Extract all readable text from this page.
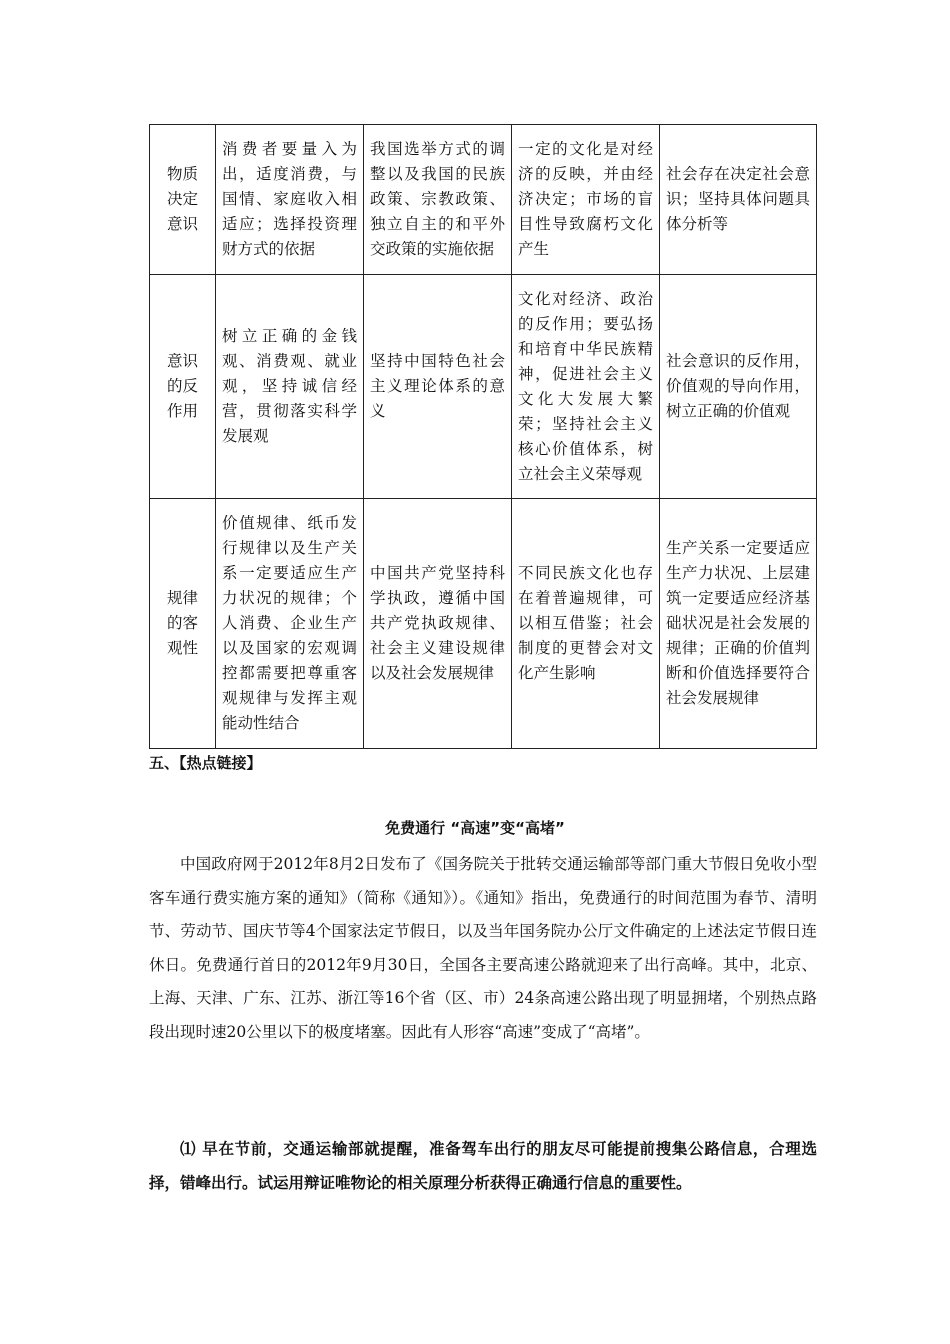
物质决定意识	消费者要量入为出，适度消费，与国情、家庭收入相适应；选择投资理财方式的依据	我国选举方式的调整以及我国的民族政策、宗教政策、独立自主的和平外交政策的实施依据	一定的文化是对经济的反映，并由经济决定；市场的盲目性导致腐朽文化产生	社会存在决定社会意识；坚持具体问题具体分析等

意识的反作用	树立正确的金钱观、消费观、就业观，坚持诚信经营，贯彻落实科学发展观	坚持中国特色社会主义理论体系的意义	文化对经济、政治的反作用；要弘扬和培育中华民族精神，促进社会主义文化大发展大繁荣；坚持社会主义核心价值体系，树立社会主义荣辱观	社会意识的反作用，价值观的导向作用，树立正确的价值观

规律的客观性	价值规律、纸币发行规律以及生产关系一定要适应生产力状况的规律；个人消费、企业生产以及国家的宏观调控都需要把尊重客观规律与发挥主观能动性结合	中国共产党坚持科学执政，遵循中国共产党执政规律、社会主义建设规律以及社会发展规律	不同民族文化也存在着普遍规律，可以相互借鉴；社会制度的更替会对文化产生影响	生产关系一定要适应生产力状况、上层建筑一定要适应经济基础状况是社会发展的规律；正确的价值判断和价值选择要符合社会发展规律
五、【热点链接】
免费通行 “高速”变“高堵”
中国政府网于2012年8月2日发布了《国务院关于批转交通运输部等部门重大节假日免收小型客车通行费实施方案的通知》（简称《通知》）。《通知》指出，免费通行的时间范围为春节、清明节、劳动节、国庆节等4个国家法定节假日，以及当年国务院办公厅文件确定的上述法定节假日连休日。免费通行首日的2012年9月30日，全国各主要高速公路就迎来了出行高峰。其中，北京、上海、天津、广东、江苏、浙江等16个省（区、市）24条高速公路出现了明显拥堵，个别热点路段出现时速20公里以下的极度堵塞。因此有人形容“高速”变成了“高堵”。
⑴ 早在节前，交通运输部就提醒，准备驾车出行的朋友尽可能提前搜集公路信息，合理选择，错峰出行。试运用辩证唯物论的相关原理分析获得正确通行信息的重要性。
